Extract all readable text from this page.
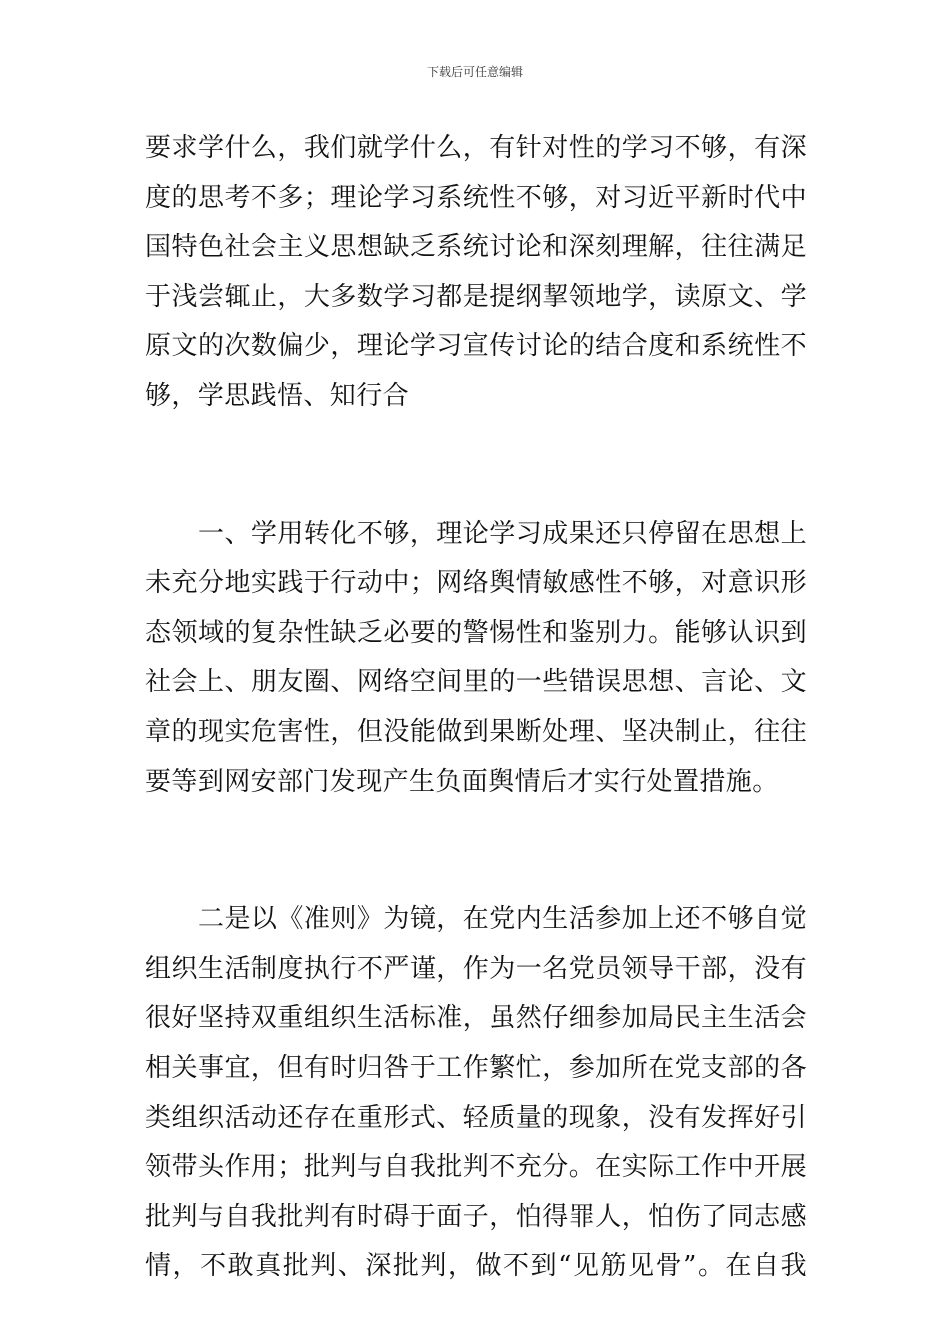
下载后可任意编辑

要求学什么，我们就学什么，有针对性的学习不够，有深
度的思考不多；理论学习系统性不够，对习近平新时代中
国特色社会主义思想缺乏系统讨论和深刻理解，往往满足
于浅尝辄止，大多数学习都是提纲挈领地学，读原文、学
原文的次数偏少，理论学习宣传讨论的结合度和系统性不
够，学思践悟、知行合

　　一、学用转化不够，理论学习成果还只停留在思想上
未充分地实践于行动中；网络舆情敏感性不够，对意识形
态领域的复杂性缺乏必要的警惕性和鉴别力。能够认识到
社会上、朋友圈、网络空间里的一些错误思想、言论、文
章的现实危害性，但没能做到果断处理、坚决制止，往往
要等到网安部门发现产生负面舆情后才实行处置措施。

　　二是以《准则》为镜，在党内生活参加上还不够自觉
组织生活制度执行不严谨，作为一名党员领导干部，没有
很好坚持双重组织生活标准，虽然仔细参加局民主生活会
相关事宜，但有时归咎于工作繁忙，参加所在党支部的各
类组织活动还存在重形式、轻质量的现象，没有发挥好引
领带头作用；批判与自我批判不充分。在实际工作中开展
批判与自我批判有时碍于面子，怕得罪人，怕伤了同志感
情，不敢真批判、深批判，做不到“见筋见骨”。在自我
